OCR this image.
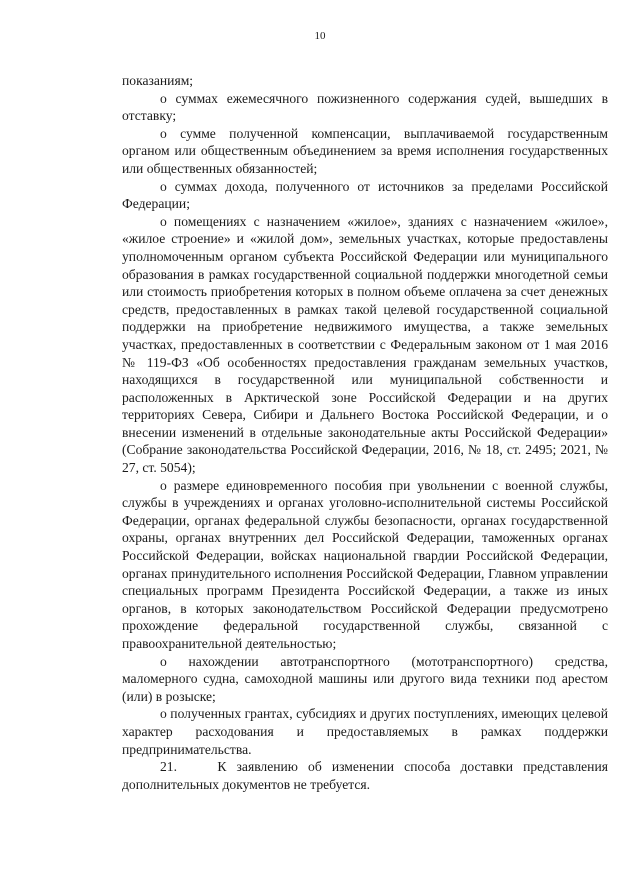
10

показаниям;

о суммах ежемесячного пожизненного содержания судей, вышедших в отставку;

о сумме полученной компенсации, выплачиваемой государственным органом или общественным объединением за время исполнения государственных или общественных обязанностей;

о суммах дохода, полученного от источников за пределами Российской Федерации;

о помещениях с назначением «жилое», зданиях с назначением «жилое», «жилое строение» и «жилой дом», земельных участках, которые предоставлены уполномоченным органом субъекта Российской Федерации или муниципального образования в рамках государственной социальной поддержки многодетной семьи или стоимость приобретения которых в полном объеме оплачена за счет денежных средств, предоставленных в рамках такой целевой государственной социальной поддержки на приобретение недвижимого имущества, а также земельных участках, предоставленных в соответствии с Федеральным законом от 1 мая 2016 № 119-ФЗ «Об особенностях предоставления гражданам земельных участков, находящихся в государственной или муниципальной собственности и расположенных в Арктической зоне Российской Федерации и на других территориях Севера, Сибири и Дальнего Востока Российской Федерации, и о внесении изменений в отдельные законодательные акты Российской Федерации» (Собрание законодательства Российской Федерации, 2016, № 18, ст. 2495; 2021, № 27, ст. 5054);

о размере единовременного пособия при увольнении с военной службы, службы в учреждениях и органах уголовно-исполнительной системы Российской Федерации, органах федеральной службы безопасности, органах государственной охраны, органах внутренних дел Российской Федерации, таможенных органах Российской Федерации, войсках национальной гвардии Российской Федерации, органах принудительного исполнения Российской Федерации, Главном управлении специальных программ Президента Российской Федерации, а также из иных органов, в которых законодательством Российской Федерации предусмотрено прохождение федеральной государственной службы, связанной с правоохранительной деятельностью;

о нахождении автотранспортного (мототранспортного) средства, маломерного судна, самоходной машины или другого вида техники под арестом (или) в розыске;

о полученных грантах, субсидиях и других поступлениях, имеющих целевой характер расходования и предоставляемых в рамках поддержки предпринимательства.

21.    К заявлению об изменении способа доставки представления дополнительных документов не требуется.
